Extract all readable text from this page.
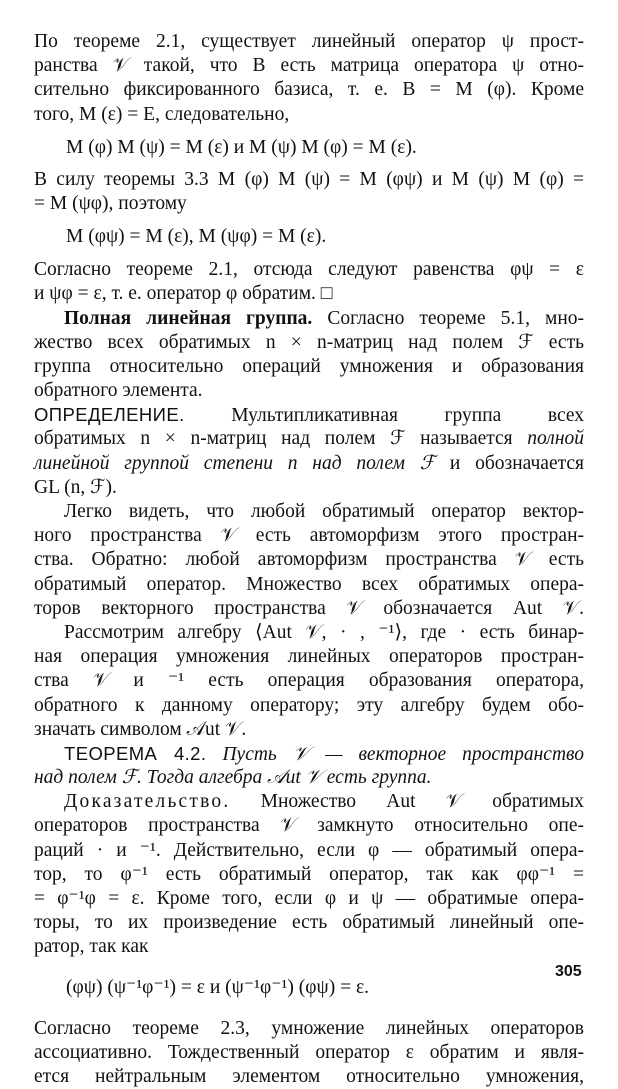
По теореме 2.1, существует линейный оператор ψ прост-
ранства 𝒱 такой, что B есть матрица оператора ψ отно-
сительно фиксированного базиса, т. е. B = M (φ). Кроме
того, M (ε) = E, следовательно,
M (φ) M (ψ) = M (ε) и M (ψ) M (φ) = M (ε).
В силу теоремы 3.3 M (φ) M (ψ) = M (φψ) и M (ψ) M (φ) =
= M (ψφ), поэтому
M (φψ) = M (ε), M (ψφ) = M (ε).
Согласно теореме 2.1, отсюда следуют равенства φψ = ε
и ψφ = ε, т. е. оператор φ обратим. □
Полная линейная группа. Согласно теореме 5.1, мно-
жество всех обратимых n × n-матриц над полем ℱ есть
группа относительно операций умножения и образования
обратного элемента.
ОПРЕДЕЛЕНИЕ. Мультипликативная группа всех
обратимых n × n-матриц над полем ℱ называется полной
линейной группой степени n над полем ℱ и обозначается
GL (n, ℱ).
Легко видеть, что любой обратимый оператор вектор-
ного пространства 𝒱 есть автоморфизм этого простран-
ства. Обратно: любой автоморфизм пространства 𝒱 есть
обратимый оператор. Множество всех обратимых опера-
торов векторного пространства 𝒱 обозначается Aut 𝒱.
Рассмотрим алгебру ⟨Aut 𝒱, · , ⁻¹⟩, где · есть бинар-
ная операция умножения линейных операторов простран-
ства 𝒱 и ⁻¹ есть операция образования оператора,
обратного к данному оператору; эту алгебру будем обо-
значать символом 𝒜ut 𝒱.
ТЕОРЕМА 4.2. Пусть 𝒱 — векторное пространство
над полем ℱ. Тогда алгебра 𝒜ut 𝒱 есть группа.
Доказательство. Множество Aut 𝒱 обратимых
операторов пространства 𝒱 замкнуто относительно опе-
раций · и ⁻¹. Действительно, если φ — обратимый опера-
тор, то φ⁻¹ есть обратимый оператор, так как φφ⁻¹ =
= φ⁻¹φ = ε. Кроме того, если φ и ψ — обратимые опера-
торы, то их произведение есть обратимый линейный опе-
ратор, так как
(φψ) (ψ⁻¹φ⁻¹) = ε и (ψ⁻¹φ⁻¹) (φψ) = ε.
Согласно теореме 2.3, умножение линейных операторов
ассоциативно. Тождественный оператор ε обратим и явля-
ется нейтральным элементом относительно умножения,
305
